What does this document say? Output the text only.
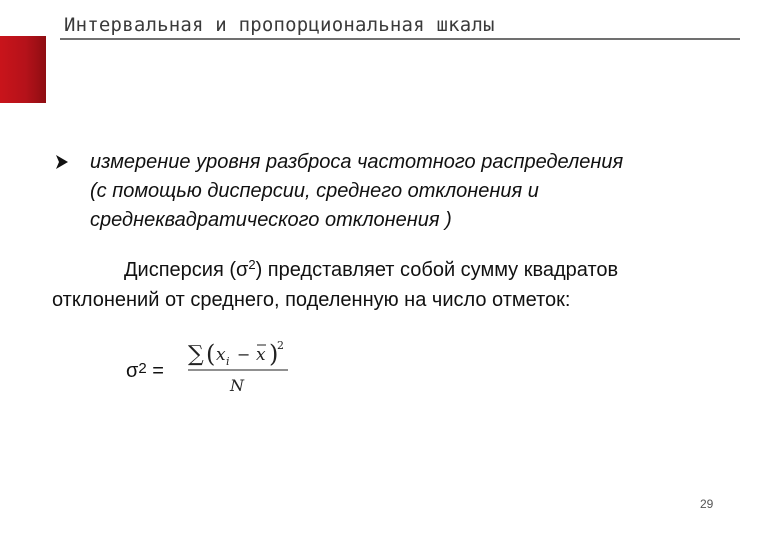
Интервальная и пропорциональная шкалы
измерение уровня разброса частотного распределения
(с помощью дисперсии, среднего отклонения и
среднеквадратического отклонения )
Дисперсия $(\sigma^2)$ представляет собой сумму квадратов
отклонений от среднего, поделенную на число отметок:
$\sigma^2$ =
∑ ( x i − x )
2
N
29
